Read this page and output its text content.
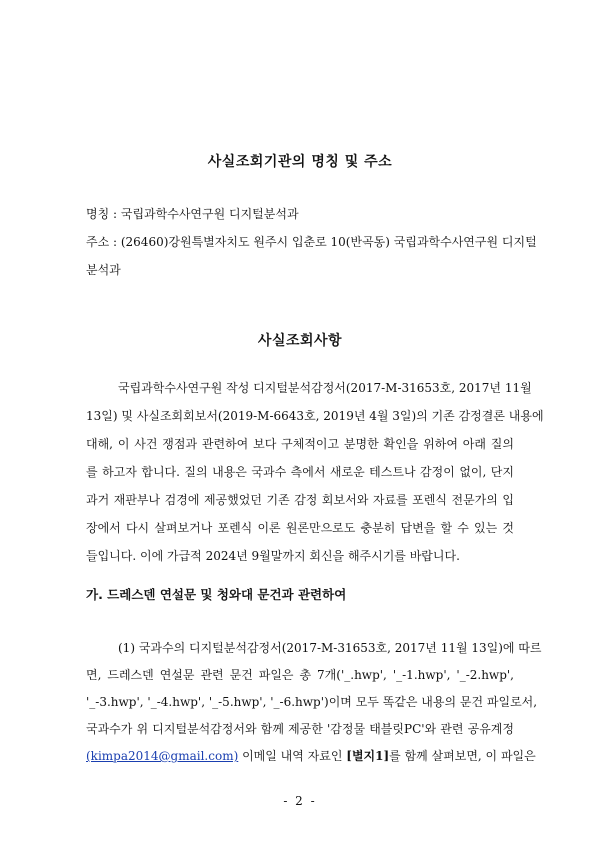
사실조회기관의 명칭 및 주소
명칭 : 국립과학수사연구원 디지털분석과
주소 : (26460)강원특별자치도 원주시 입춘로 10(반곡동) 국립과학수사연구원 디지털
분석과
사실조회사항
국립과학수사연구원 작성 디지털분석감정서(2017-M-31653호, 2017년 11월
13일) 및 사실조회회보서(2019-M-6643호, 2019년 4월 3일)의 기존 감정결론 내용에
대해, 이 사건 쟁점과 관련하여 보다 구체적이고 분명한 확인을 위하여 아래 질의
를 하고자 합니다. 질의 내용은 국과수 측에서 새로운 테스트나 감정이 없이, 단지
과거 재판부나 검경에 제공했었던 기존 감정 회보서와 자료를 포렌식 전문가의 입
장에서 다시 살펴보거나 포렌식 이론 원론만으로도 충분히 답변을 할 수 있는 것
들입니다. 이에 가급적 2024년 9월말까지 회신을 해주시기를 바랍니다.
가. 드레스덴 연설문 및 청와대 문건과 관련하여
(1) 국과수의 디지털분석감정서(2017-M-31653호, 2017년 11월 13일)에 따르
면, 드레스덴 연설문 관련 문건 파일은 총 7개('_.hwp', '_-1.hwp', '_-2.hwp',
'_-3.hwp', '_-4.hwp', '_-5.hwp', '_-6.hwp')이며 모두 똑같은 내용의 문건 파일로서,
국과수가 위 디지털분석감정서와 함께 제공한 '감정물 태블릿PC'와 관련 공유계정
(kimpa2014@gmail.com) 이메일 내역 자료인 [별지1]를 함께 살펴보면, 이 파일은
- 2 -
